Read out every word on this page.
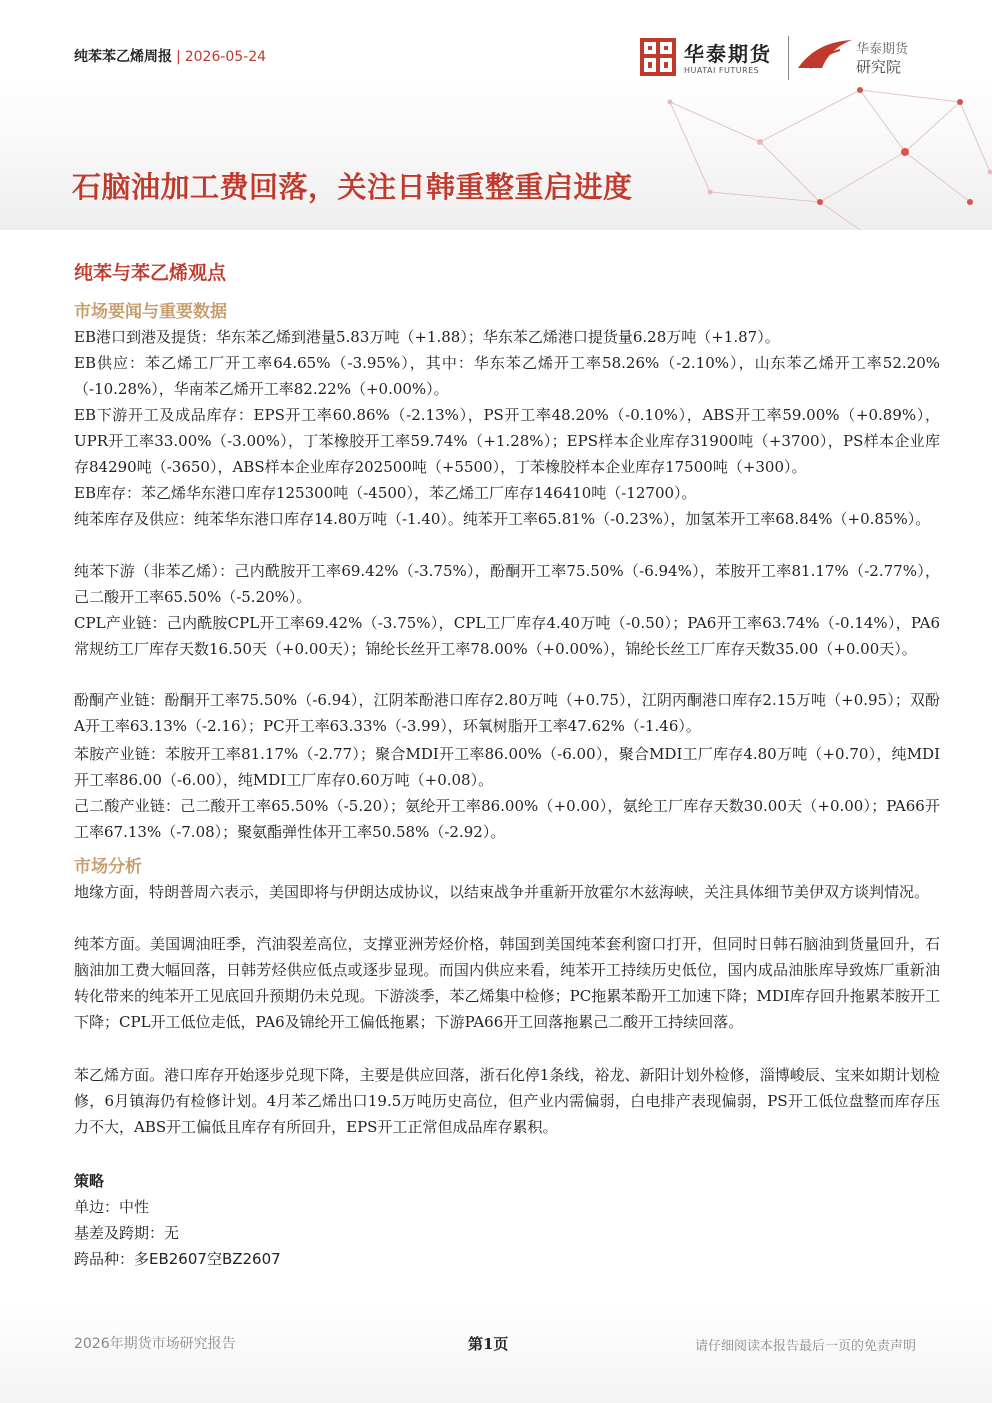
纯苯苯乙烯周报 | 2026-05-24	华泰期货
HUATAI FUTURES
华泰期货
研究院
石脑油加工费回落，关注日韩重整重启进度
纯苯与苯乙烯观点
市场要闻与重要数据

EB港口到港及提货：华东苯乙烯到港量5.83万吨（+1.88）；华东苯乙烯港口提货量6.28万吨（+1.87）。

EB供应：苯乙烯工厂开工率64.65%（-3.95%），其中：华东苯乙烯开工率58.26%（-2.10%），山东苯乙烯开工率52.20%（-10.28%），华南苯乙烯开工率82.22%（+0.00%）。

EB下游开工及成品库存：EPS开工率60.86%（-2.13%），PS开工率48.20%（-0.10%），ABS开工率59.00%（+0.89%），UPR开工率33.00%（-3.00%），丁苯橡胶开工率59.74%（+1.28%）；EPS样本企业库存31900吨（+3700），PS样本企业库存84290吨（-3650），ABS样本企业库存202500吨（+5500），丁苯橡胶样本企业库存17500吨（+300）。

EB库存：苯乙烯华东港口库存125300吨（-4500），苯乙烯工厂库存146410吨（-12700）。

纯苯库存及供应：纯苯华东港口库存14.80万吨（-1.40）。纯苯开工率65.81%（-0.23%），加氢苯开工率68.84%（+0.85%）。

纯苯下游（非苯乙烯）：己内酰胺开工率69.42%（-3.75%），酚酮开工率75.50%（-6.94%），苯胺开工率81.17%（-2.77%），己二酸开工率65.50%（-5.20%）。

CPL产业链：己内酰胺CPL开工率69.42%（-3.75%），CPL工厂库存4.40万吨（-0.50）；PA6开工率63.74%（-0.14%），PA6常规纺工厂库存天数16.50天（+0.00天）；锦纶长丝开工率78.00%（+0.00%），锦纶长丝工厂库存天数35.00（+0.00天）。

酚酮产业链：酚酮开工率75.50%（-6.94），江阴苯酚港口库存2.80万吨（+0.75），江阴丙酮港口库存2.15万吨（+0.95）；双酚A开工率63.13%（-2.16）；PC开工率63.33%（-3.99），环氧树脂开工率47.62%（-1.46）。

苯胺产业链：苯胺开工率81.17%（-2.77）；聚合MDI开工率86.00%（-6.00），聚合MDI工厂库存4.80万吨（+0.70），纯MDI开工率86.00（-6.00），纯MDI工厂库存0.60万吨（+0.08）。

己二酸产业链：己二酸开工率65.50%（-5.20）；氨纶开工率86.00%（+0.00），氨纶工厂库存天数30.00天（+0.00）；PA66开工率67.13%（-7.08）；聚氨酯弹性体开工率50.58%（-2.92）。

市场分析

地缘方面，特朗普周六表示，美国即将与伊朗达成协议，以结束战争并重新开放霍尔木兹海峡，关注具体细节美伊双方谈判情况。

纯苯方面。美国调油旺季，汽油裂差高位，支撑亚洲芳烃价格，韩国到美国纯苯套利窗口打开，但同时日韩石脑油到货量回升，石脑油加工费大幅回落，日韩芳烃供应低点或逐步显现。而国内供应来看，纯苯开工持续历史低位，国内成品油胀库导致炼厂重新油转化带来的纯苯开工见底回升预期仍未兑现。下游淡季，苯乙烯集中检修；PC拖累苯酚开工加速下降；MDI库存回升拖累苯胺开工下降；CPL开工低位走低，PA6及锦纶开工偏低拖累；下游PA66开工回落拖累己二酸开工持续回落。

苯乙烯方面。港口库存开始逐步兑现下降，主要是供应回落，浙石化停1条线，裕龙、新阳计划外检修，淄博峻辰、宝来如期计划检修，6月镇海仍有检修计划。4月苯乙烯出口19.5万吨历史高位，但产业内需偏弱，白电排产表现偏弱，PS开工低位盘整而库存压力不大，ABS开工偏低且库存有所回升，EPS开工正常但成品库存累积。

策略
单边：中性
基差及跨期：无
跨品种：多EB2607空BZ2607
2026年期货市场研究报告	第1页	请仔细阅读本报告最后一页的免责声明
